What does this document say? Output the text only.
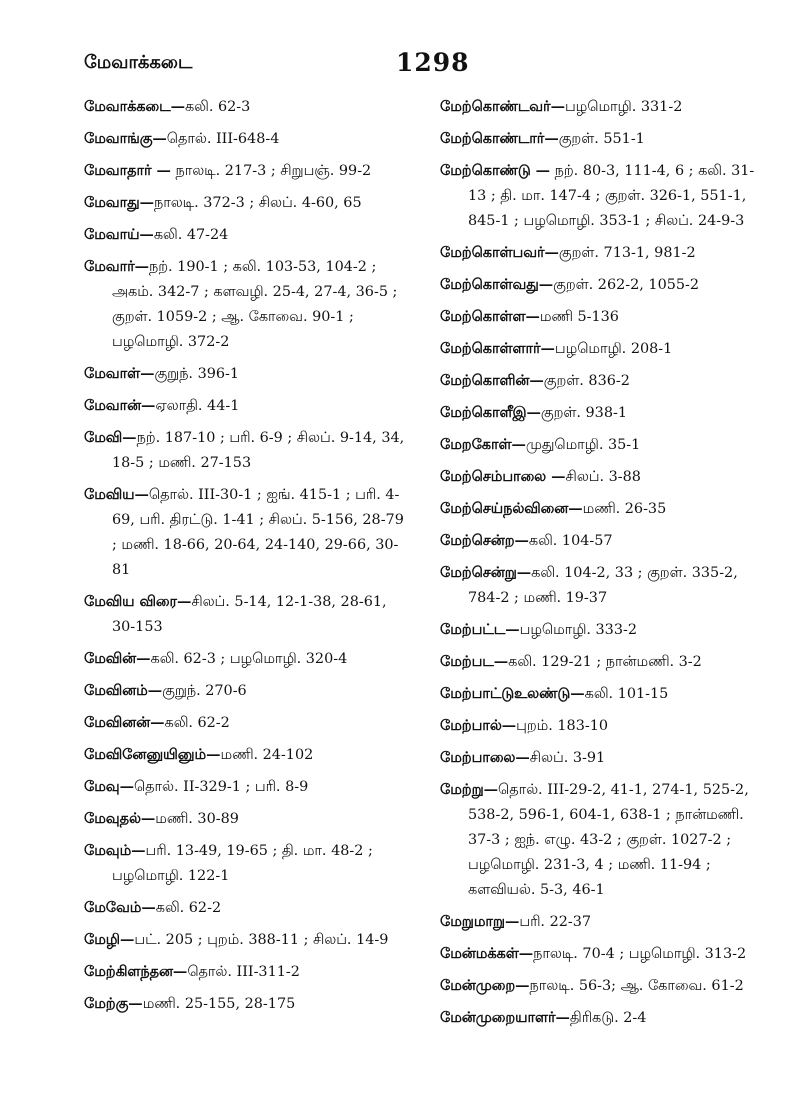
மேவாக்கடை	1298

மேவாக்கடை—கலி. 62-3

மேவாங்கு—தொல். III-648-4

மேவாதார் — நாலடி. 217-3 ; சிறுபஞ். 99-2

மேவாது—நாலடி. 372-3 ; சிலப். 4-60, 65

மேவாய்—கலி. 47-24

மேவார்—நற். 190-1 ; கலி. 103-53, 104-2 ; அகம். 342-7 ; களவழி. 25-4, 27-4, 36-5 ; குறள். 1059-2 ; ஆ. கோவை. 90-1 ; பழமொழி. 372-2

மேவாள்—குறுந். 396-1

மேவான்—ஏலாதி. 44-1

மேவி—நற். 187-10 ; பரி. 6-9 ; சிலப். 9-14, 34, 18-5 ; மணி. 27-153

மேவிய—தொல். III-30-1 ; ஐங். 415-1 ; பரி. 4-69, பரி. திரட்டு. 1-41 ; சிலப். 5-156, 28-79 ; மணி. 18-66, 20-64, 24-140, 29-66, 30-81

மேவிய விரை—சிலப். 5-14, 12-1-38, 28-61, 30-153

மேவின்—கலி. 62-3 ; பழமொழி. 320-4

மேவினம்—குறுந். 270-6

மேவினன்—கலி. 62-2

மேவினேனுயினும்—மணி. 24-102

மேவு—தொல். II-329-1 ; பரி. 8-9

மேவுதல்—மணி. 30-89

மேவும்—பரி. 13-49, 19-65 ; தி. மா. 48-2 ; பழமொழி. 122-1

மேவேம்—கலி. 62-2

மேழி—பட். 205 ; புறம். 388-11 ; சிலப். 14-9

மேற்கிளந்தன—தொல். III-311-2

மேற்கு—மணி. 25-155, 28-175

மேற்கொண்டவர்—பழமொழி. 331-2

மேற்கொண்டார்—குறள். 551-1

மேற்கொண்டு — நற். 80-3, 111-4, 6 ; கலி. 31-13 ; தி. மா. 147-4 ; குறள். 326-1, 551-1, 845-1 ; பழமொழி. 353-1 ; சிலப். 24-9-3

மேற்கொள்பவர்—குறள். 713-1, 981-2

மேற்கொள்வது—குறள். 262-2, 1055-2

மேற்கொள்ள—மணி 5-136

மேற்கொள்ளார்—பழமொழி. 208-1

மேற்கொளின்—குறள். 836-2

மேற்கொளீஇ—குறள். 938-1

மேறகோள்—முதுமொழி. 35-1

மேற்செம்பாலை —சிலப். 3-88

மேற்செய்நல்வினை—மணி. 26-35

மேற்சென்ற—கலி. 104-57

மேற்சென்று—கலி. 104-2, 33 ; குறள். 335-2, 784-2 ; மணி. 19-37

மேற்பட்ட—பழமொழி. 333-2

மேற்பட—கலி. 129-21 ; நான்மணி. 3-2

மேற்பாட்டுஉலண்டு—கலி. 101-15

மேற்பால்—புறம். 183-10

மேற்பாலை—சிலப். 3-91

மேற்று—தொல். III-29-2, 41-1, 274-1, 525-2, 538-2, 596-1, 604-1, 638-1 ; நான்மணி. 37-3 ; ஐந். எழு. 43-2 ; குறள். 1027-2 ; பழமொழி. 231-3, 4 ; மணி. 11-94 ; களவியல். 5-3, 46-1

மேறுமாறு—பரி. 22-37

மேன்மக்கள்—நாலடி. 70-4 ; பழமொழி. 313-2

மேன்முறை—நாலடி. 56-3; ஆ. கோவை. 61-2

மேன்முறையாளர்—திரிகடு. 2-4
